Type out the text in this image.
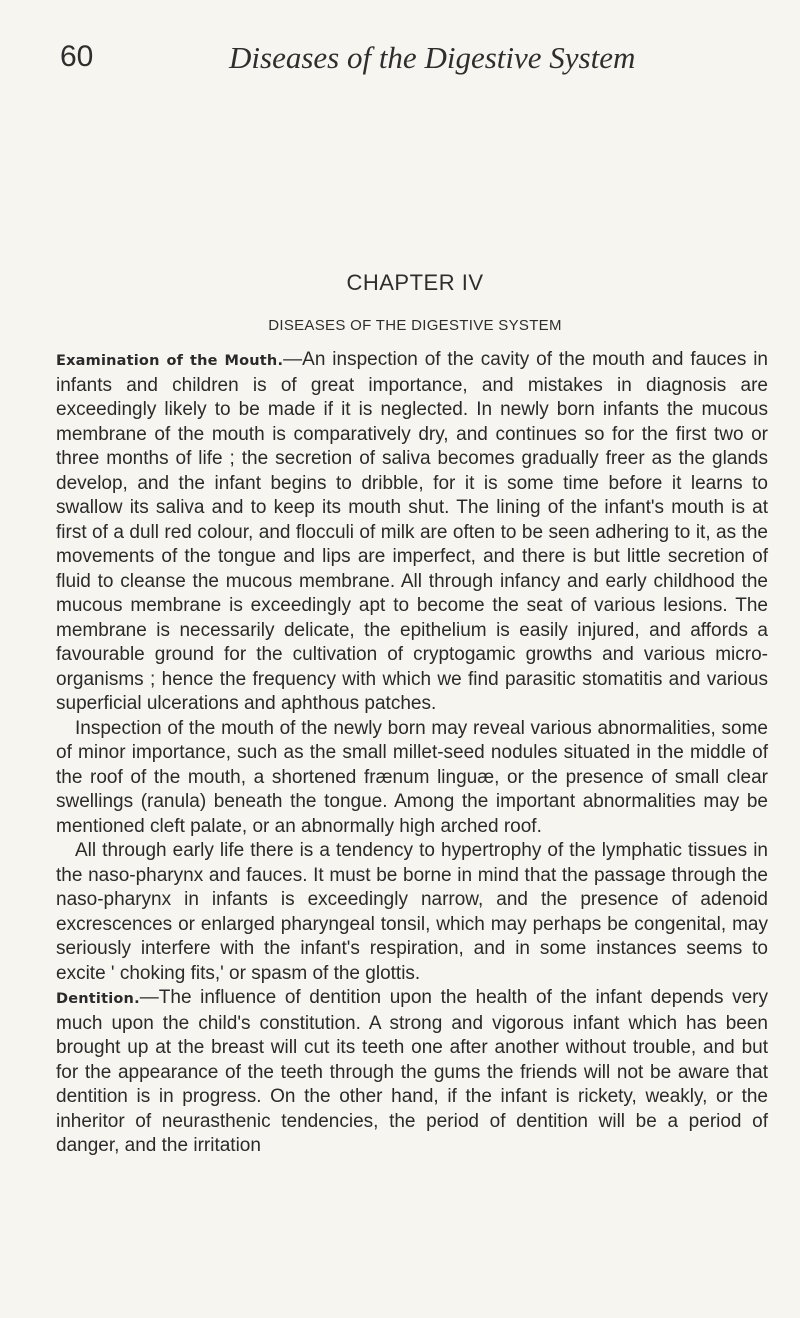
60	Diseases of the Digestive System
CHAPTER IV
DISEASES OF THE DIGESTIVE SYSTEM

Examination of the Mouth.—An inspection of the cavity of the mouth and fauces in infants and children is of great importance, and mistakes in diagnosis are exceedingly likely to be made if it is neglected. In newly born infants the mucous membrane of the mouth is comparatively dry, and continues so for the first two or three months of life ; the secretion of saliva becomes gradually freer as the glands develop, and the infant begins to dribble, for it is some time before it learns to swallow its saliva and to keep its mouth shut. The lining of the infant's mouth is at first of a dull red colour, and flocculi of milk are often to be seen adhering to it, as the movements of the tongue and lips are imperfect, and there is but little secretion of fluid to cleanse the mucous membrane. All through infancy and early childhood the mucous membrane is exceedingly apt to become the seat of various lesions. The membrane is necessarily delicate, the epithelium is easily injured, and affords a favourable ground for the cultivation of cryptogamic growths and various micro-organisms ; hence the frequency with which we find parasitic stomatitis and various superficial ulcerations and aphthous patches.

Inspection of the mouth of the newly born may reveal various abnormalities, some of minor importance, such as the small millet-seed nodules situated in the middle of the roof of the mouth, a shortened frænum linguæ, or the presence of small clear swellings (ranula) beneath the tongue. Among the important abnormalities may be mentioned cleft palate, or an abnormally high arched roof.

All through early life there is a tendency to hypertrophy of the lymphatic tissues in the naso-pharynx and fauces. It must be borne in mind that the passage through the naso-pharynx in infants is exceedingly narrow, and the presence of adenoid excrescences or enlarged pharyngeal tonsil, which may perhaps be congenital, may seriously interfere with the infant's respiration, and in some instances seems to excite ' choking fits,' or spasm of the glottis.

Dentition.—The influence of dentition upon the health of the infant depends very much upon the child's constitution. A strong and vigorous infant which has been brought up at the breast will cut its teeth one after another without trouble, and but for the appearance of the teeth through the gums the friends will not be aware that dentition is in progress. On the other hand, if the infant is rickety, weakly, or the inheritor of neurasthenic tendencies, the period of dentition will be a period of danger, and the irritation
